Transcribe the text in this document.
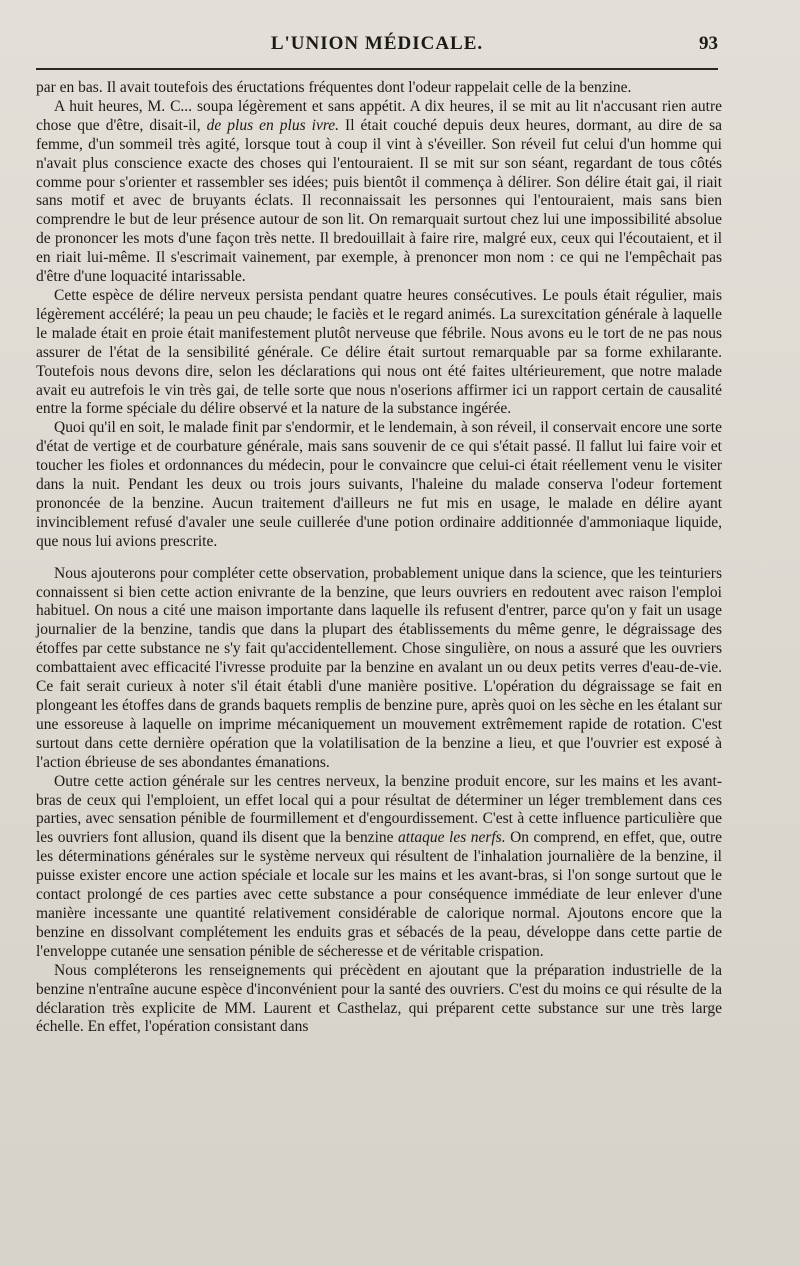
L'UNION MÉDICALE.	93

par en bas. Il avait toutefois des éructations fréquentes dont l'odeur rappelait celle de la benzine.

A huit heures, M. C... soupa légèrement et sans appétit. A dix heures, il se mit au lit n'accusant rien autre chose que d'être, disait-il, de plus en plus ivre. Il était couché depuis deux heures, dormant, au dire de sa femme, d'un sommeil très agité, lorsque tout à coup il vint à s'éveiller. Son réveil fut celui d'un homme qui n'avait plus conscience exacte des choses qui l'entouraient. Il se mit sur son séant, regardant de tous côtés comme pour s'orienter et rassembler ses idées; puis bientôt il commença à délirer. Son délire était gai, il riait sans motif et avec de bruyants éclats. Il reconnaissait les personnes qui l'entouraient, mais sans bien comprendre le but de leur présence autour de son lit. On remarquait surtout chez lui une impossibilité absolue de prononcer les mots d'une façon très nette. Il bredouillait à faire rire, malgré eux, ceux qui l'écoutaient, et il en riait lui-même. Il s'escrimait vainement, par exemple, à prenoncer mon nom : ce qui ne l'empêchait pas d'être d'une loquacité intarissable.

Cette espèce de délire nerveux persista pendant quatre heures consécutives. Le pouls était régulier, mais légèrement accéléré; la peau un peu chaude; le faciès et le regard animés. La surexcitation générale à laquelle le malade était en proie était manifestement plutôt nerveuse que fébrile. Nous avons eu le tort de ne pas nous assurer de l'état de la sensibilité générale. Ce délire était surtout remarquable par sa forme exhilarante. Toutefois nous devons dire, selon les déclarations qui nous ont été faites ultérieurement, que notre malade avait eu autrefois le vin très gai, de telle sorte que nous n'oserions affirmer ici un rapport certain de causalité entre la forme spéciale du délire observé et la nature de la substance ingérée.

Quoi qu'il en soit, le malade finit par s'endormir, et le lendemain, à son réveil, il conservait encore une sorte d'état de vertige et de courbature générale, mais sans souvenir de ce qui s'était passé. Il fallut lui faire voir et toucher les fioles et ordonnances du médecin, pour le convaincre que celui-ci était réellement venu le visiter dans la nuit. Pendant les deux ou trois jours suivants, l'haleine du malade conserva l'odeur fortement prononcée de la benzine. Aucun traitement d'ailleurs ne fut mis en usage, le malade en délire ayant invinciblement refusé d'avaler une seule cuillerée d'une potion ordinaire additionnée d'ammoniaque liquide, que nous lui avions prescrite.

Nous ajouterons pour compléter cette observation, probablement unique dans la science, que les teinturiers connaissent si bien cette action enivrante de la benzine, que leurs ouvriers en redoutent avec raison l'emploi habituel. On nous a cité une maison importante dans laquelle ils refusent d'entrer, parce qu'on y fait un usage journalier de la benzine, tandis que dans la plupart des établissements du même genre, le dégraissage des étoffes par cette substance ne s'y fait qu'accidentellement. Chose singulière, on nous a assuré que les ouvriers combattaient avec efficacité l'ivresse produite par la benzine en avalant un ou deux petits verres d'eau-de-vie. Ce fait serait curieux à noter s'il était établi d'une manière positive. L'opération du dégraissage se fait en plongeant les étoffes dans de grands baquets remplis de benzine pure, après quoi on les sèche en les étalant sur une essoreuse à laquelle on imprime mécaniquement un mouvement extrêmement rapide de rotation. C'est surtout dans cette dernière opération que la volatilisation de la benzine a lieu, et que l'ouvrier est exposé à l'action ébrieuse de ses abondantes émanations.

Outre cette action générale sur les centres nerveux, la benzine produit encore, sur les mains et les avant-bras de ceux qui l'emploient, un effet local qui a pour résultat de déterminer un léger tremblement dans ces parties, avec sensation pénible de fourmillement et d'engourdissement. C'est à cette influence particulière que les ouvriers font allusion, quand ils disent que la benzine attaque les nerfs. On comprend, en effet, que, outre les déterminations générales sur le système nerveux qui résultent de l'inhalation journalière de la benzine, il puisse exister encore une action spéciale et locale sur les mains et les avant-bras, si l'on songe surtout que le contact prolongé de ces parties avec cette substance a pour conséquence immédiate de leur enlever d'une manière incessante une quantité relativement considérable de calorique normal. Ajoutons encore que la benzine en dissolvant complétement les enduits gras et sébacés de la peau, développe dans cette partie de l'enveloppe cutanée une sensation pénible de sécheresse et de véritable crispation.

Nous compléterons les renseignements qui précèdent en ajoutant que la préparation industrielle de la benzine n'entraîne aucune espèce d'inconvénient pour la santé des ouvriers. C'est du moins ce qui résulte de la déclaration très explicite de MM. Laurent et Casthelaz, qui préparent cette substance sur une très large échelle. En effet, l'opération consistant dans
